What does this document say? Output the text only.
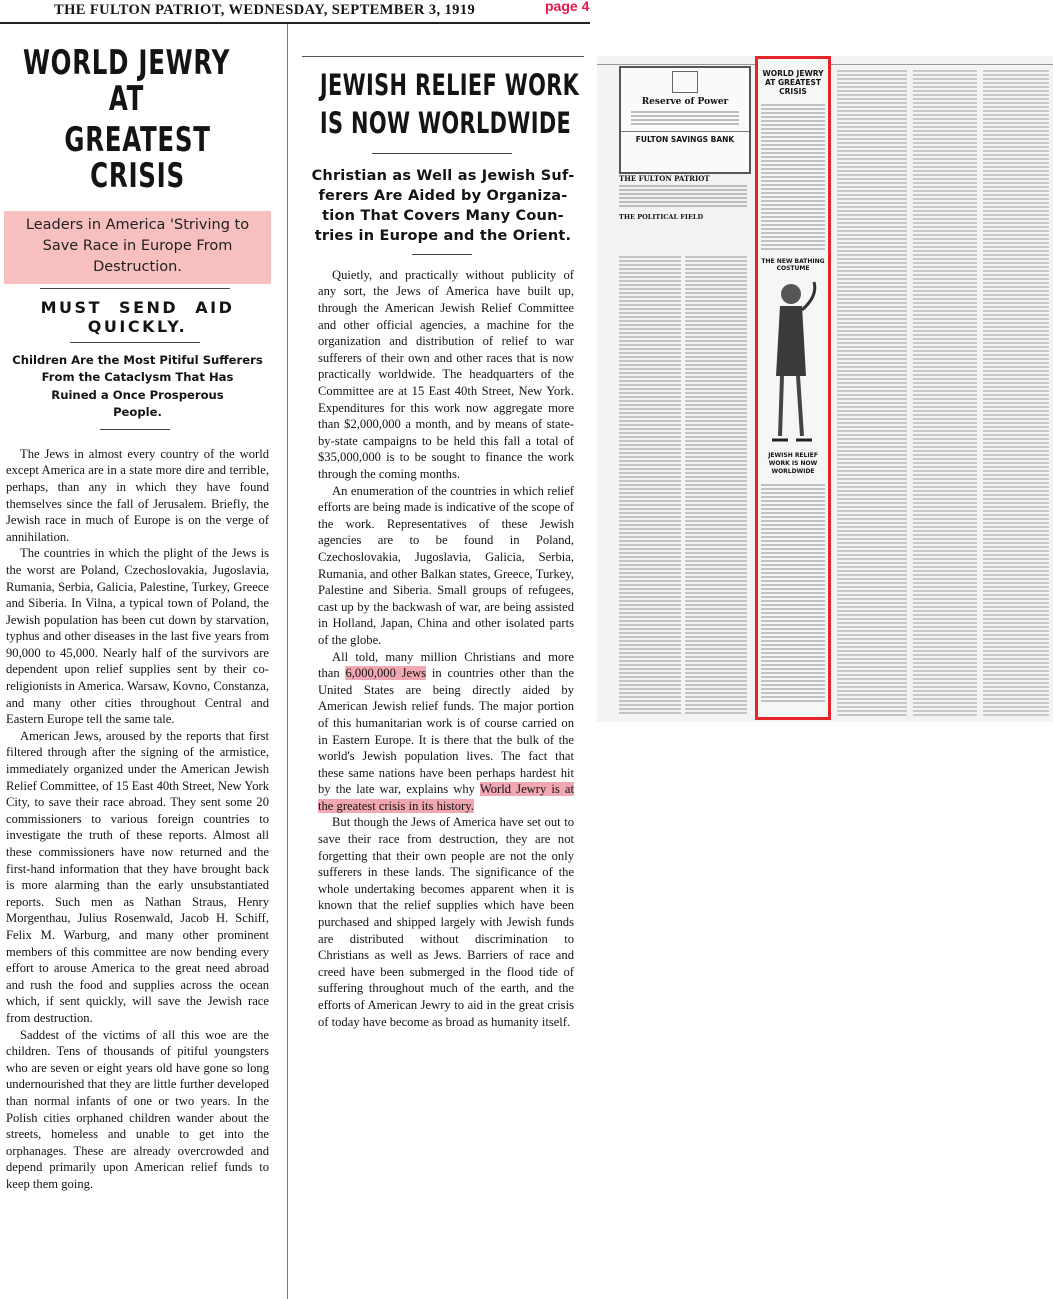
THE FULTON PATRIOT, WEDNESDAY, SEPTEMBER 3, 1919	page 4
WORLD JEWRY AT
GREATEST CRISIS
Leaders in America 'Striving to
Save Race in Europe From
Destruction.
MUST SEND AID QUICKLY.
Children Are the Most Pitiful Sufferers
From the Cataclysm That Has
Ruined a Once Prosperous
People.

The Jews in almost every country of the world except America are in a state more dire and terrible, perhaps, than any in which they have found themselves since the fall of Jerusalem. Briefly, the Jewish race in much of Europe is on the verge of annihilation.

The countries in which the plight of the Jews is the worst are Poland, Czechoslovakia, Jugoslavia, Rumania, Serbia, Galicia, Palestine, Turkey, Greece and Siberia. In Vilna, a typical town of Poland, the Jewish population has been cut down by starvation, typhus and other diseases in the last five years from 90,000 to 45,000. Nearly half of the survivors are dependent upon relief supplies sent by their co-religionists in America. Warsaw, Kovno, Constanza, and many other cities throughout Central and Eastern Europe tell the same tale.

American Jews, aroused by the reports that first filtered through after the signing of the armistice, immediately organized under the American Jewish Relief Committee, of 15 East 40th Street, New York City, to save their race abroad. They sent some 20 commissioners to various foreign countries to investigate the truth of these reports. Almost all these commissioners have now returned and the first-hand information that they have brought back is more alarming than the early unsubstantiated reports. Such men as Nathan Straus, Henry Morgenthau, Julius Rosenwald, Jacob H. Schiff, Felix M. Warburg, and many other prominent members of this committee are now bending every effort to arouse America to the great need abroad and rush the food and supplies across the ocean which, if sent quickly, will save the Jewish race from destruction.

Saddest of the victims of all this woe are the children. Tens of thousands of pitiful youngsters who are seven or eight years old have gone so long undernourished that they are little further developed than normal infants of one or two years. In the Polish cities orphaned children wander about the streets, homeless and unable to get into the orphanages. These are already overcrowded and depend primarily upon American relief funds to keep them going.

JEWISH RELIEF WORK
IS NOW WORLDWIDE
Christian as Well as Jewish Suf-
ferers Are Aided by Organiza-
tion That Covers Many Coun-
tries in Europe and the Orient.

Quietly, and practically without publicity of any sort, the Jews of America have built up, through the American Jewish Relief Committee and other official agencies, a machine for the organization and distribution of relief to war sufferers of their own and other races that is now practically worldwide. The headquarters of the Committee are at 15 East 40th Street, New York. Expenditures for this work now aggregate more than $2,000,000 a month, and by means of state-by-state campaigns to be held this fall a total of $35,000,000 is to be sought to finance the work through the coming months.

An enumeration of the countries in which relief efforts are being made is indicative of the scope of the work. Representatives of these Jewish agencies are to be found in Poland, Czechoslovakia, Jugoslavia, Galicia, Serbia, Rumania, and other Balkan states, Greece, Turkey, Palestine and Siberia. Small groups of refugees, cast up by the backwash of war, are being assisted in Holland, Japan, China and other isolated parts of the globe.

All told, many million Christians and more than 6,000,000 Jews in countries other than the United States are being directly aided by American Jewish relief funds. The major portion of this humanitarian work is of course carried on in Eastern Europe. It is there that the bulk of the world's Jewish population lives. The fact that these same nations have been perhaps hardest hit by the late war, explains why World Jewry is at the greatest crisis in its history.

But though the Jews of America have set out to save their race from destruction, they are not forgetting that their own people are not the only sufferers in these lands. The significance of the whole undertaking becomes apparent when it is known that the relief supplies which have been purchased and shipped largely with Jewish funds are distributed without discrimination to Christians as well as Jews. Barriers of race and creed have been submerged in the flood tide of suffering throughout much of the earth, and the efforts of American Jewry to aid in the great crisis of today have become as broad as humanity itself.

Reserve of Power
FULTON SAVINGS BANK
THE FULTON PATRIOT
THE POLITICAL FIELD
WORLD JEWRY AT GREATEST CRISIS
THE NEW BATHING COSTUME
JEWISH RELIEF WORK IS NOW WORLDWIDE
